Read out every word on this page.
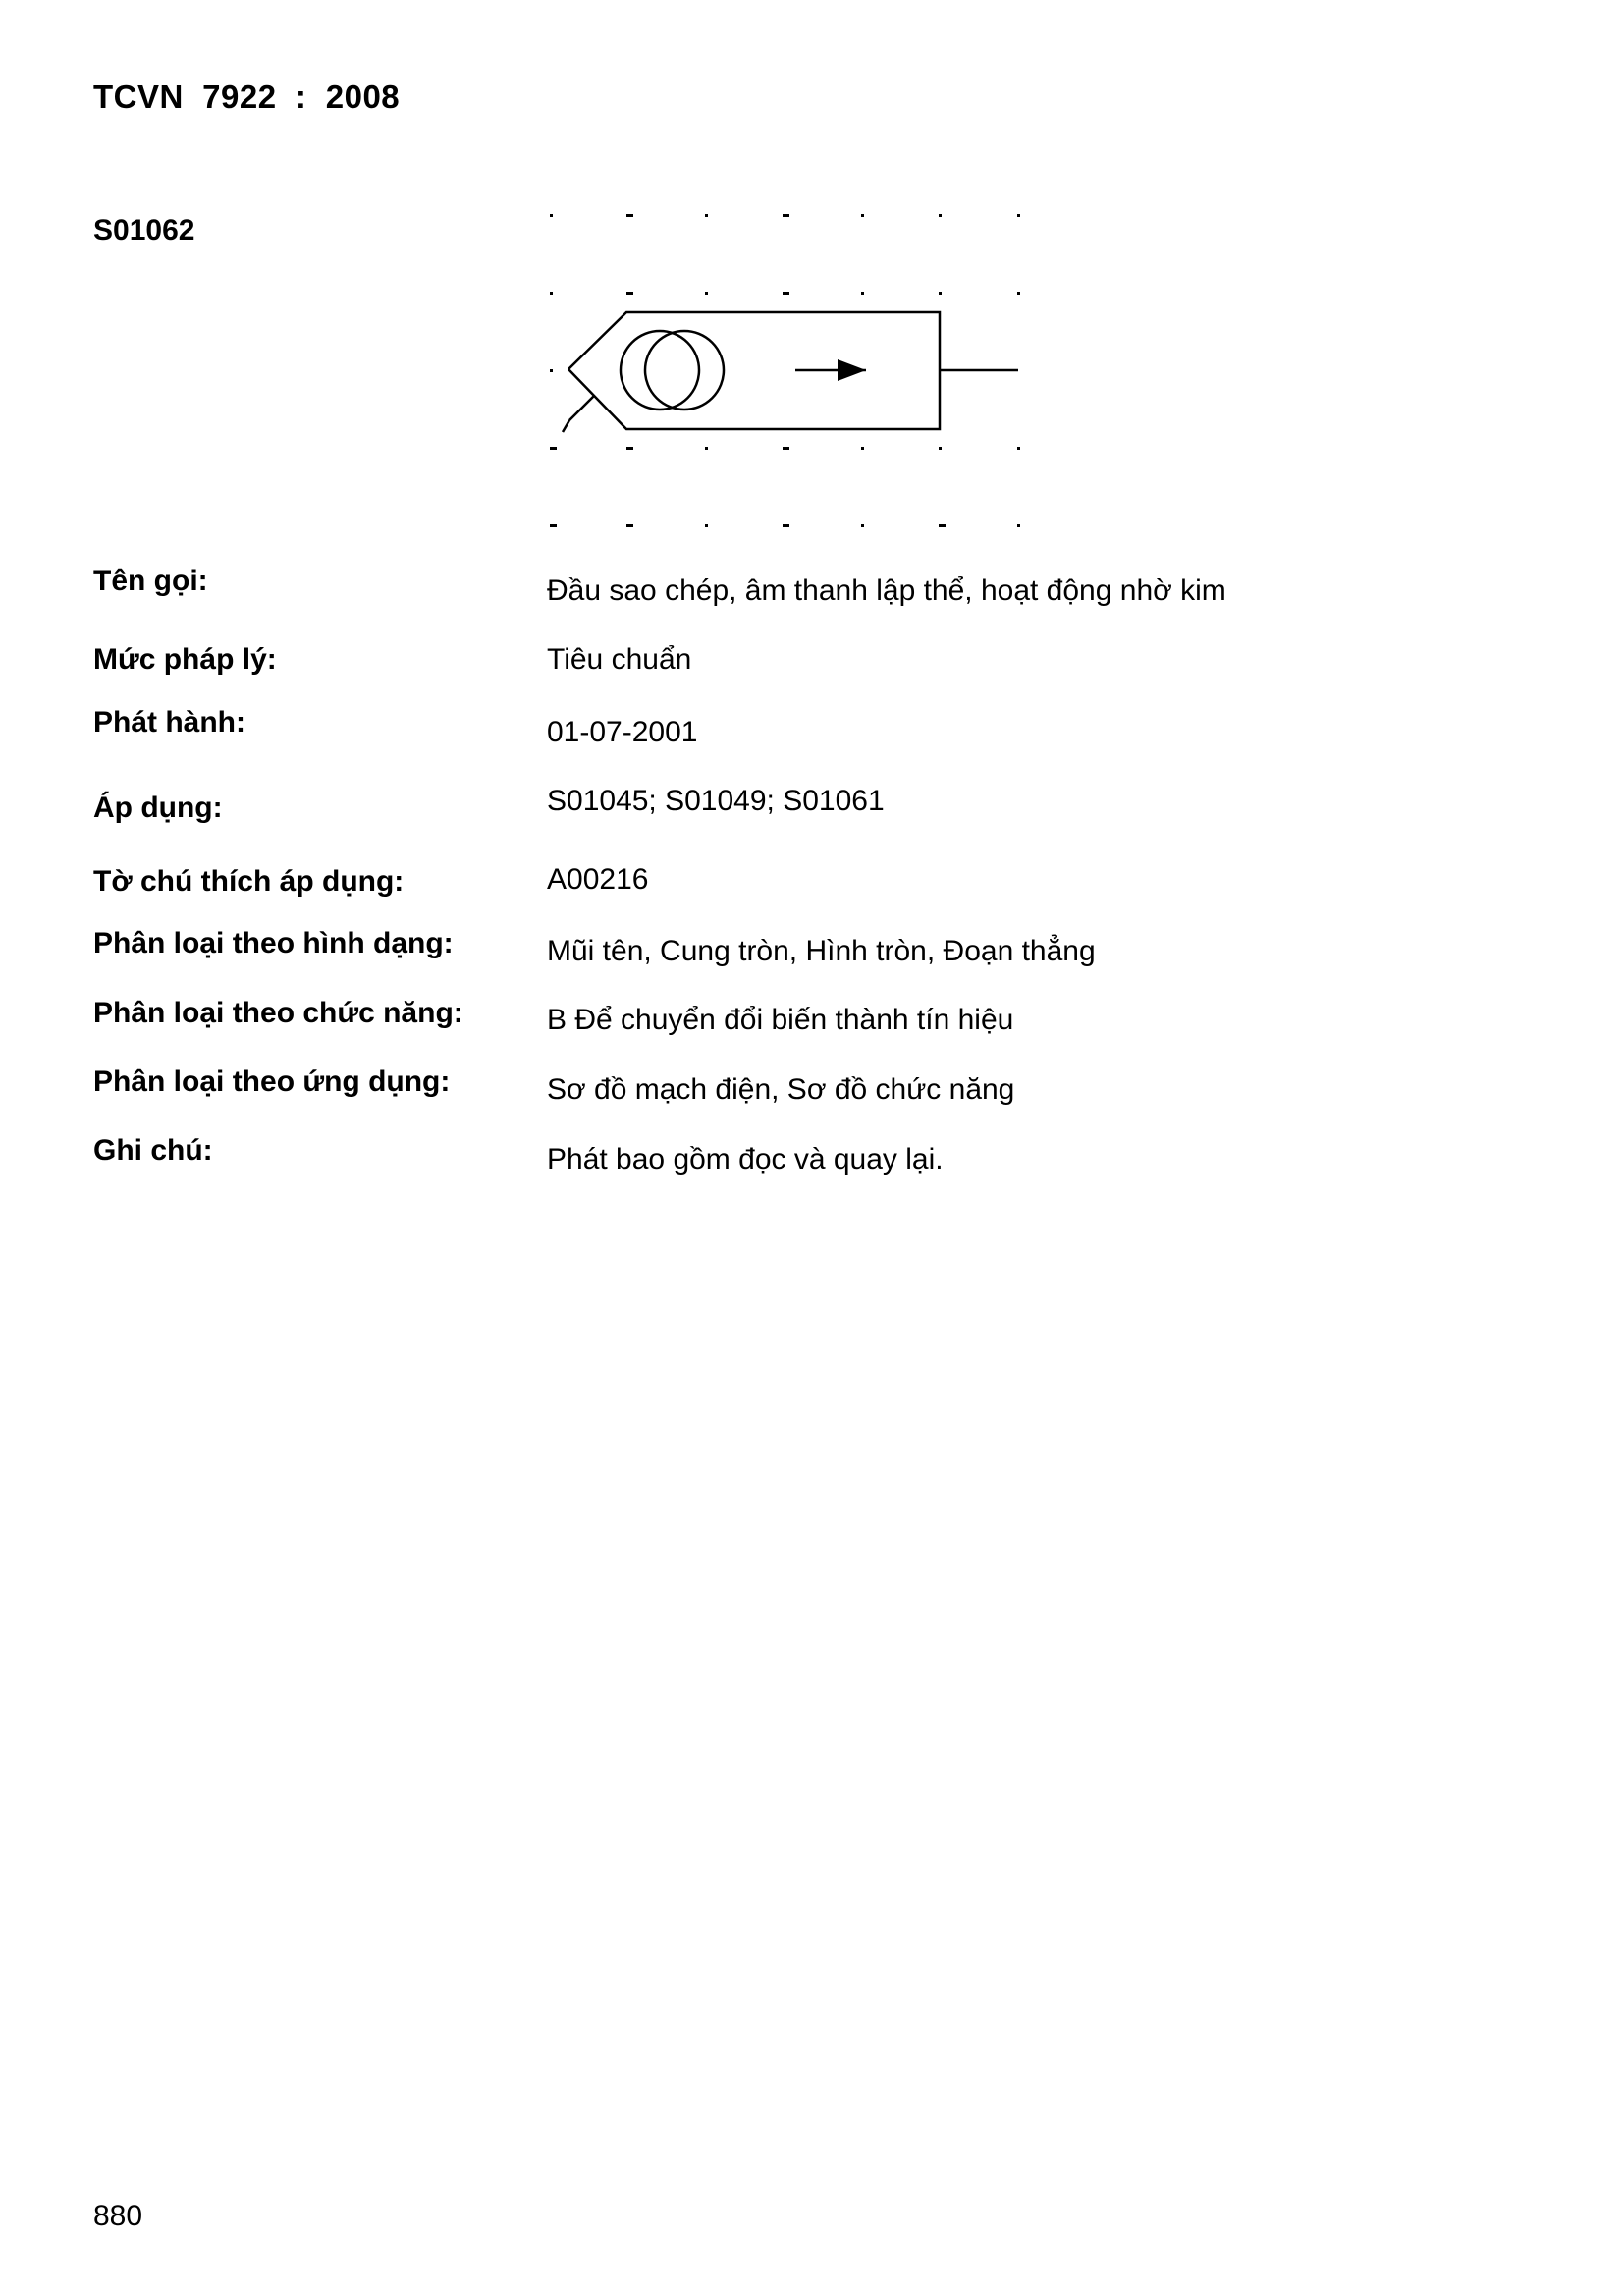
TCVN  7922  :  2008
S01062
Tên gọi:	Đầu sao chép, âm thanh lập thể, hoạt động nhờ kim
Mức pháp lý:	Tiêu chuẩn
Phát hành:	01-07-2001
Áp dụng:	S01045; S01049; S01061
Tờ chú thích áp dụng:	A00216
Phân loại theo hình dạng:	Mũi tên, Cung tròn, Hình tròn, Đoạn thẳng
Phân loại theo chức năng:	B Để chuyển đổi biến thành tín hiệu
Phân loại theo ứng dụng:	Sơ đồ mạch điện, Sơ đồ chức năng
Ghi chú:	Phát bao gồm đọc và quay lại.
880
